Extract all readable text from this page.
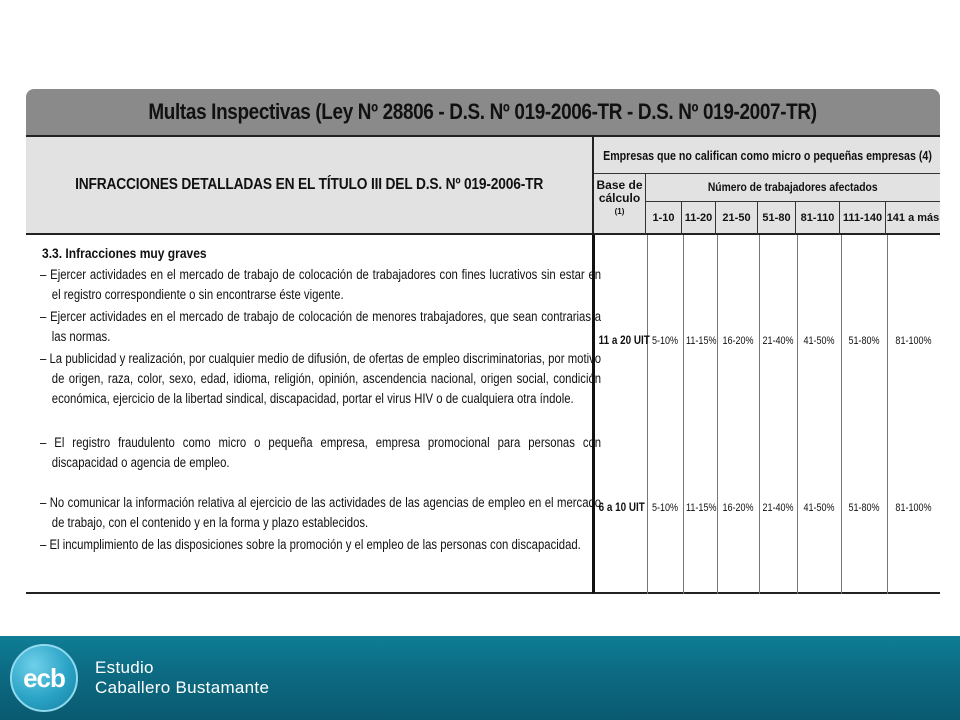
Multas Inspectivas (Ley Nº 28806 - D.S. Nº 019-2006-TR - D.S. Nº 019-2007-TR)
INFRACCIONES DETALLADAS EN EL TÍTULO III DEL D.S. Nº 019-2006-TR
Empresas que no califican como micro o pequeñas empresas (4)
Base de
cálculo
(1)
Número de trabajadores afectados
1-10 11-20 21-50	51-80 81-110 111-140 141 a más
3.3. Infracciones muy graves
– Ejercer actividades en el mercado de trabajo de colocación de trabajadores con fines lucrativos sin estar en el registro correspondiente o sin encontrarse éste vigente.
– Ejercer actividades en el mercado de trabajo de colocación de menores trabajadores, que sean contrarias a las normas.
– La publicidad y realización, por cualquier medio de difusión, de ofertas de empleo discriminatorias, por motivo de origen, raza, color, sexo, edad, idioma, religión, opinión, ascendencia nacional, origen social, condición económica, ejercicio de la libertad sindical, discapacidad, portar el virus HIV o de cualquiera otra índole.
– El registro fraudulento como micro o pequeña empresa, empresa promocional para personas con discapacidad o agencia de empleo.
– No comunicar la información relativa al ejercicio de las actividades de las agencias de empleo en el mercado de trabajo, con el contenido y en la forma y plazo establecidos.
– El incumplimiento de las disposiciones sobre la promoción y el empleo de las personas con discapacidad.
11 a 20 UIT 5-10% 11-15% 16-20% 21-40% 41-50%	51-80%	81-100%
6 a 10 UIT 5-10% 11-15% 16-20% 21-40% 41-50%	51-80%	81-100%
ecb Estudio
Caballero Bustamante
